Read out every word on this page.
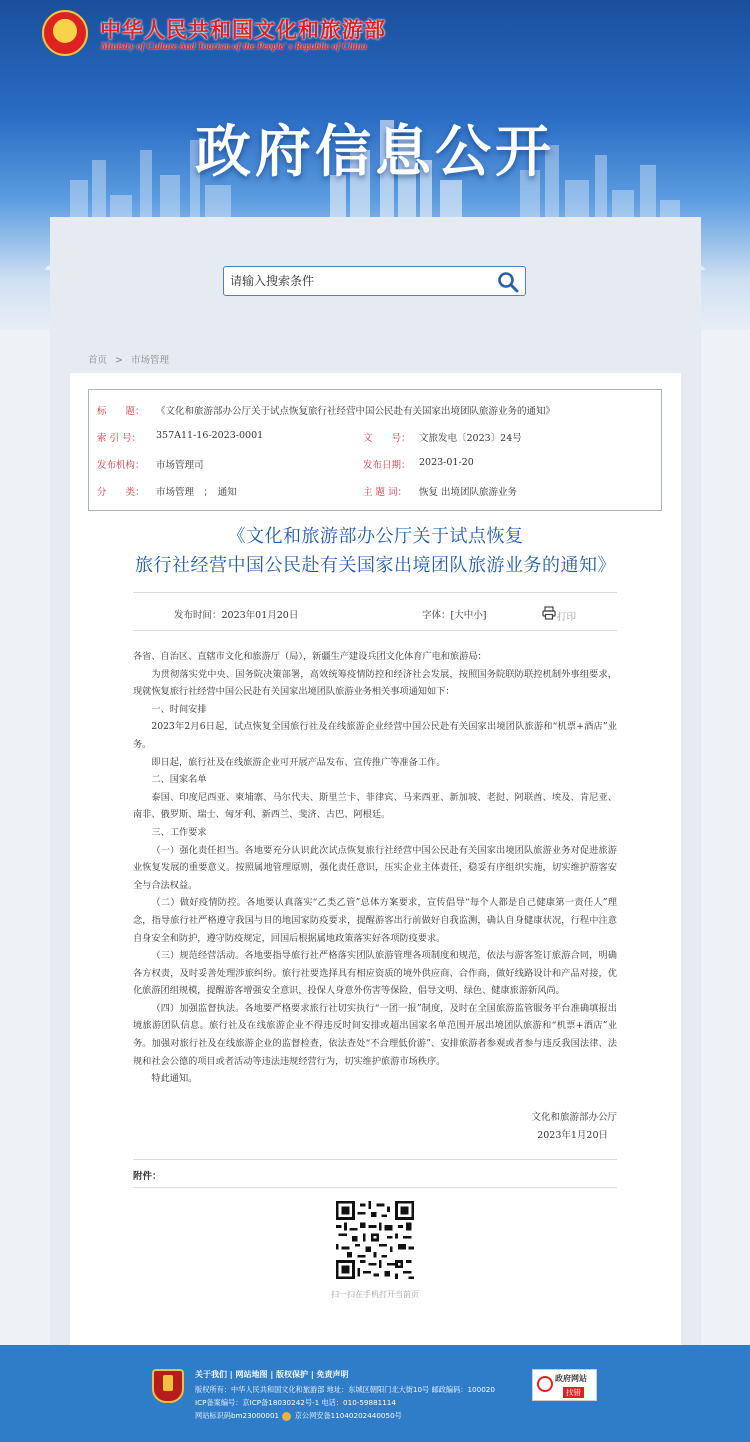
★
中华人民共和国文化和旅游部
Ministry of Culture And Tourism of the People' s Republic of China
政府信息公开
请输入搜索条件
首页 > 市场管理
标　　题： 《文化和旅游部办公厅关于试点恢复旅行社经营中国公民赴有关国家出境团队旅游业务的通知》
索 引 号： 357A11-16-2023-0001	文　　号： 文旅发电〔2023〕24号
发布机构： 市场管理司	发布日期： 2023-01-20
分　　类： 市场管理　；　通知	主 题 词： 恢复 出境团队旅游业务
《文化和旅游部办公厅关于试点恢复
旅行社经营中国公民赴有关国家出境团队旅游业务的通知》
发布时间：2023年01月20日	字体：[大中小]	打印

各省、自治区、直辖市文化和旅游厅（局），新疆生产建设兵团文化体育广电和旅游局：

为贯彻落实党中央、国务院决策部署，高效统筹疫情防控和经济社会发展，按照国务院联防联控机制外事组要求，现就恢复旅行社经营中国公民赴有关国家出境团队旅游业务相关事项通知如下：

一、时间安排

2023年2月6日起，试点恢复全国旅行社及在线旅游企业经营中国公民赴有关国家出境团队旅游和“机票+酒店”业务。

即日起，旅行社及在线旅游企业可开展产品发布、宣传推广等准备工作。

二、国家名单

泰国、印度尼西亚、柬埔寨、马尔代夫、斯里兰卡、菲律宾、马来西亚、新加坡、老挝、阿联酋、埃及、肯尼亚、南非、俄罗斯、瑞士、匈牙利、新西兰、斐济、古巴、阿根廷。

三、工作要求

（一）强化责任担当。各地要充分认识此次试点恢复旅行社经营中国公民赴有关国家出境团队旅游业务对促进旅游业恢复发展的重要意义。按照属地管理原则，强化责任意识，压实企业主体责任，稳妥有序组织实施，切实维护游客安全与合法权益。

（二）做好疫情防控。各地要认真落实“乙类乙管”总体方案要求，宣传倡导“每个人都是自己健康第一责任人”理念，指导旅行社严格遵守我国与目的地国家防疫要求，提醒游客出行前做好自我监测，确认自身健康状况，行程中注意自身安全和防护，遵守防疫规定，回国后根据属地政策落实好各项防疫要求。

（三）规范经营活动。各地要指导旅行社严格落实团队旅游管理各项制度和规范，依法与游客签订旅游合同，明确各方权责，及时妥善处理涉旅纠纷。旅行社要选择具有相应资质的境外供应商、合作商，做好线路设计和产品对接，优化旅游团组规模，提醒游客增强安全意识，投保人身意外伤害等保险，倡导文明、绿色、健康旅游新风尚。

（四）加强监督执法。各地要严格要求旅行社切实执行“一团一报”制度，及时在全国旅游监管服务平台准确填报出境旅游团队信息。旅行社及在线旅游企业不得违反时间安排或超出国家名单范围开展出境团队旅游和“机票+酒店”业务。加强对旅行社及在线旅游企业的监督检查，依法查处“不合理低价游”、安排旅游者参观或者参与违反我国法律、法规和社会公德的项目或者活动等违法违规经营行为，切实维护旅游市场秩序。

特此通知。

文化和旅游部办公厅
2023年1月20日
附件：
扫一扫在手机打开当前页
关于我们 | 网站地图 | 版权保护 | 免责声明
版权所有：中华人民共和国文化和旅游部 地址：东城区朝阳门北大街10号 邮政编码：100020
ICP备案编号：京ICP备18030242号-1 电话：010-59881114
网站标识码bm23000001 京公网安备11040202440050号
政府网站
找错
